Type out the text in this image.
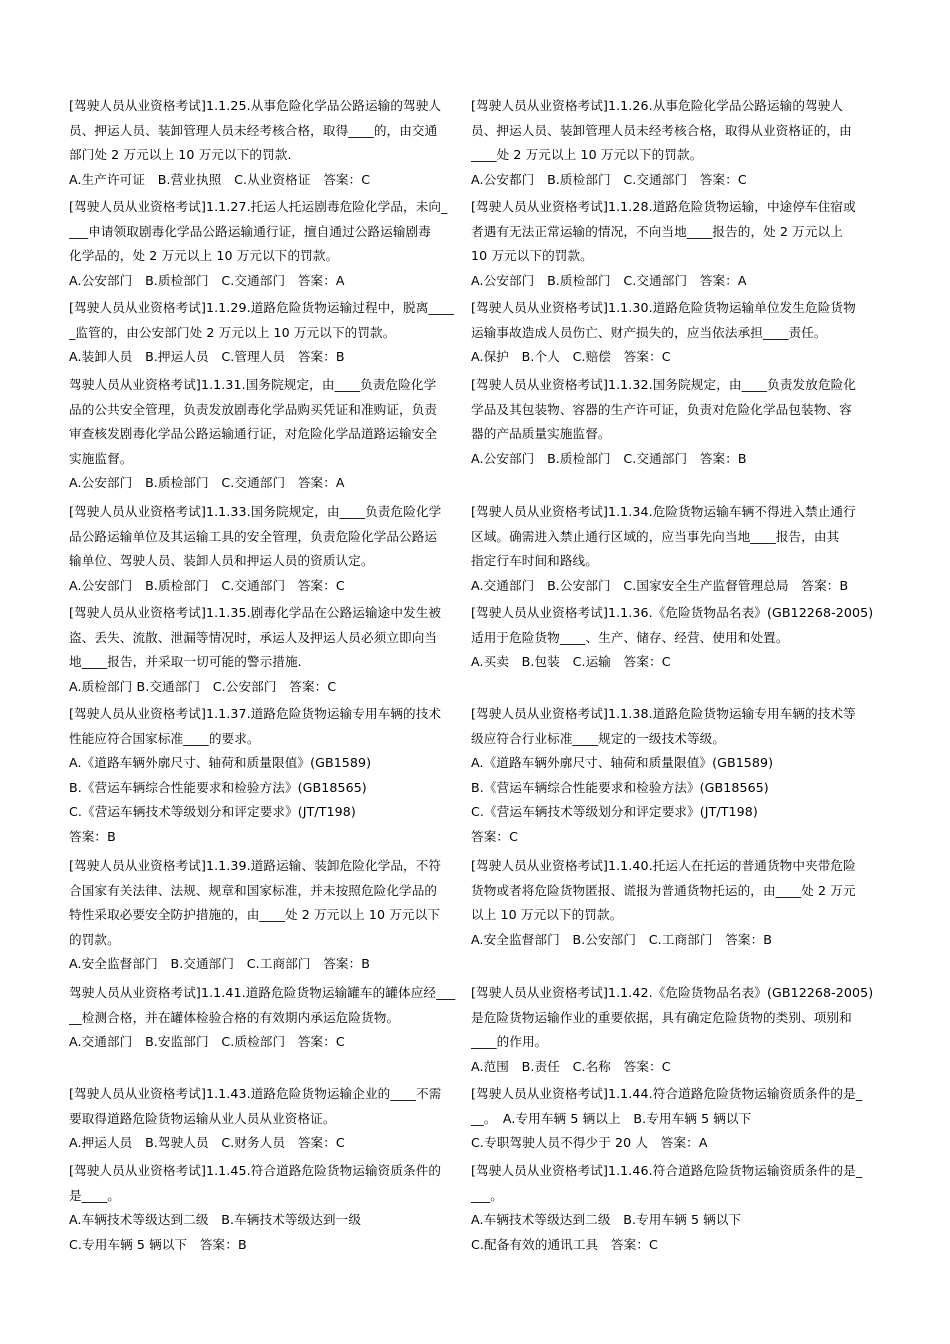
[驾驶人员从业资格考试]1.1.25.从事危险化学品公路运输的驾驶人
员、押运人员、装卸管理人员未经考核合格，取得____的，由交通
部门处 2 万元以上 10 万元以下的罚款.
A.生产许可证　B.营业执照　C.从业资格证　答案：C
[驾驶人员从业资格考试]1.1.27.托运人托运剧毒危险化学品，未向_
___申请领取剧毒化学品公路运输通行证，擅自通过公路运输剧毒
化学品的，处 2 万元以上 10 万元以下的罚款。
A.公安部门　B.质检部门　C.交通部门　答案：A
[驾驶人员从业资格考试]1.1.29.道路危险货物运输过程中，脱离____
_监管的，由公安部门处 2 万元以上 10 万元以下的罚款。
A.装卸人员　B.押运人员　C.管理人员　答案：B
驾驶人员从业资格考试]1.1.31.国务院规定，由____负责危险化学
品的公共安全管理，负责发放剧毒化学品购买凭证和准购证，负责
审查核发剧毒化学品公路运输通行证，对危险化学品道路运输安全
实施监督。
A.公安部门　B.质检部门　C.交通部门　答案：A
[驾驶人员从业资格考试]1.1.33.国务院规定，由____负责危险化学
品公路运输单位及其运输工具的安全管理，负责危险化学品公路运
输单位、驾驶人员、装卸人员和押运人员的资质认定。
A.公安部门　B.质检部门　C.交通部门　答案：C
[驾驶人员从业资格考试]1.1.35.剧毒化学品在公路运输途中发生被
盗、丢失、流散、泄漏等情况时，承运人及押运人员必须立即向当
地____报告，并采取一切可能的警示措施.
A.质检部门 B.交通部门　C.公安部门　答案：C
[驾驶人员从业资格考试]1.1.37.道路危险货物运输专用车辆的技术
性能应符合国家标准____的要求。
A.《道路车辆外廓尺寸、轴荷和质量限值》(GB1589)
B.《营运车辆综合性能要求和检验方法》(GB18565)
C.《营运车辆技术等级划分和评定要求》(JT/T198)
答案：B
[驾驶人员从业资格考试]1.1.39.道路运输、装卸危险化学品，不符
合国家有关法律、法规、规章和国家标准，并未按照危险化学品的
特性采取必要安全防护措施的，由____处 2 万元以上 10 万元以下
的罚款。
A.安全监督部门　B.交通部门　C.工商部门　答案：B
驾驶人员从业资格考试]1.1.41.道路危险货物运输罐车的罐体应经___
__检测合格，并在罐体检验合格的有效期内承运危险货物。
A.交通部门　B.安监部门　C.质检部门　答案：C
[驾驶人员从业资格考试]1.1.43.道路危险货物运输企业的____不需
要取得道路危险货物运输从业人员从业资格证。
A.押运人员　B.驾驶人员　C.财务人员　答案：C
[驾驶人员从业资格考试]1.1.45.符合道路危险货物运输资质条件的
是____。
A.车辆技术等级达到二级　B.车辆技术等级达到一级
C.专用车辆 5 辆以下　答案：B
[驾驶人员从业资格考试]1.1.26.从事危险化学品公路运输的驾驶人
员、押运人员、装卸管理人员未经考核合格，取得从业资格证的，由
____处 2 万元以上 10 万元以下的罚款。
A.公安都门　B.质检部门　C.交通部门　答案：C
[驾驶人员从业资格考试]1.1.28.道路危险货物运输，中途停车住宿或
者遇有无法正常运输的情况，不向当地____报告的，处 2 万元以上
10 万元以下的罚款。
A.公安部门　B.质检部门　C.交通部门　答案：A
[驾驶人员从业资格考试]1.1.30.道路危险货物运输单位发生危险货物
运输事故造成人员伤亡、财产损失的，应当依法承担____责任。
A.保护　B.个人　C.赔偿　答案：C
[驾驶人员从业资格考试]1.1.32.国务院规定，由____负责发放危险化
学品及其包装物、容器的生产许可证，负责对危险化学品包装物、容
器的产品质量实施监督。
A.公安部门　B.质检部门　C.交通部门　答案：B
[驾驶人员从业资格考试]1.1.34.危险货物运输车辆不得进入禁止通行
区域。确需进入禁止通行区域的，应当事先向当地____报告，由其
指定行车时间和路线。
A.交通部门　B.公安部门　C.国家安全生产监督管理总局　答案：B
[驾驶人员从业资格考试]1.1.36.《危险货物品名表》(GB12268-2005)
适用于危险货物____、生产、储存、经营、使用和处置。
A.买卖　B.包装　C.运输　答案：C
[驾驶人员从业资格考试]1.1.38.道路危险货物运输专用车辆的技术等
级应符合行业标准____规定的一级技术等级。
A.《道路车辆外廓尺寸、轴荷和质量限值》(GB1589)
B.《营运车辆综合性能要求和检验方法》(GB18565)
C.《营运车辆技术等级划分和评定要求》(JT/T198)
答案：C
[驾驶人员从业资格考试]1.1.40.托运人在托运的普通货物中夹带危险
货物或者将危险货物匿报、谎报为普通货物托运的，由____处 2 万元
以上 10 万元以下的罚款。
A.安全监督部门　B.公安部门　C.工商部门　答案：B
[驾驶人员从业资格考试]1.1.42.《危险货物品名表》(GB12268-2005)
是危险货物运输作业的重要依据，具有确定危险货物的类别、项别和
____的作用。
A.范围　B.责任　C.名称　答案：C
[驾驶人员从业资格考试]1.1.44.符合道路危险货物运输资质条件的是_
__。　A.专用车辆 5 辆以上　B.专用车辆 5 辆以下
C.专职驾驶人员不得少于 20 人　答案：A
[驾驶人员从业资格考试]1.1.46.符合道路危险货物运输资质条件的是_
___。
A.车辆技术等级达到二级　B.专用车辆 5 辆以下
C.配备有效的通讯工具　答案：C
